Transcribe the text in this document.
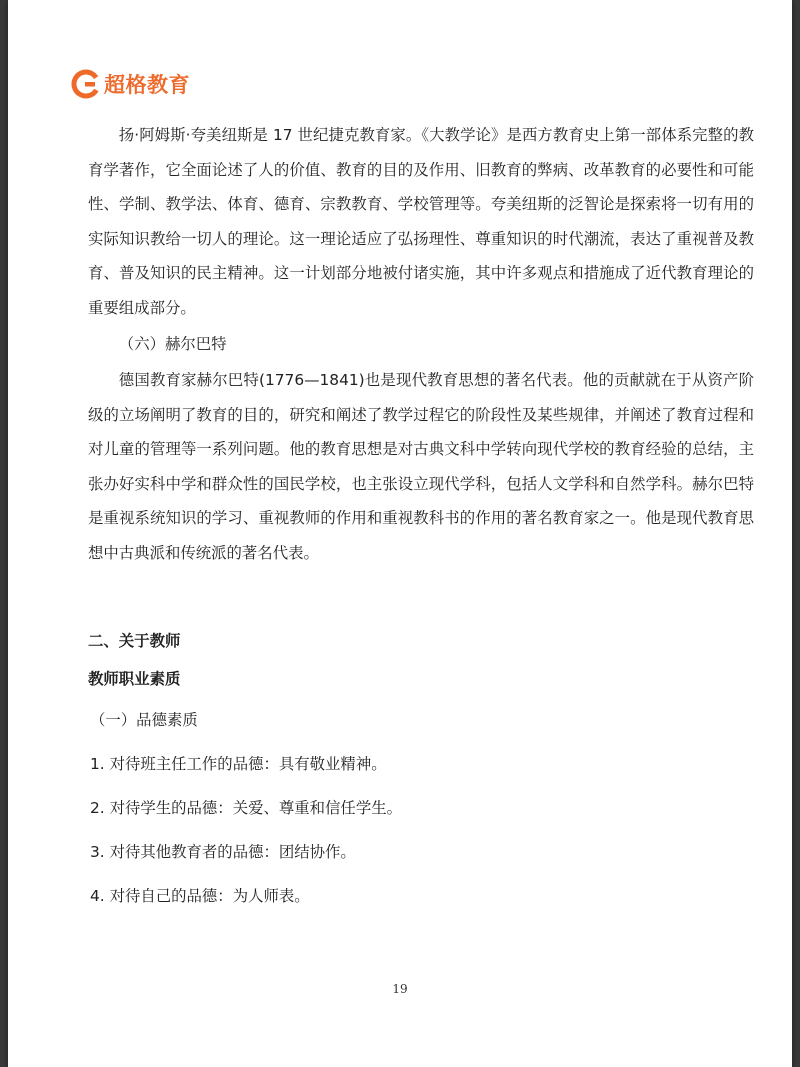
超格教育

扬·阿姆斯·夸美纽斯是 17 世纪捷克教育家。《大教学论》是西方教育史上第一部体系完整的教育学著作，它全面论述了人的价值、教育的目的及作用、旧教育的弊病、改革教育的必要性和可能性、学制、教学法、体育、德育、宗教教育、学校管理等。夸美纽斯的泛智论是探索将一切有用的实际知识教给一切人的理论。这一理论适应了弘扬理性、尊重知识的时代潮流，表达了重视普及教育、普及知识的民主精神。这一计划部分地被付诸实施，其中许多观点和措施成了近代教育理论的重要组成部分。

（六）赫尔巴特

德国教育家赫尔巴特(1776—1841)也是现代教育思想的著名代表。他的贡献就在于从资产阶级的立场阐明了教育的目的，研究和阐述了教学过程它的阶段性及某些规律，并阐述了教育过程和对儿童的管理等一系列问题。他的教育思想是对古典文科中学转向现代学校的教育经验的总结，主张办好实科中学和群众性的国民学校，也主张设立现代学科，包括人文学科和自然学科。赫尔巴特是重视系统知识的学习、重视教师的作用和重视教科书的作用的著名教育家之一。他是现代教育思想中古典派和传统派的著名代表。

二、关于教师

教师职业素质

（一）品德素质

1. 对待班主任工作的品德：具有敬业精神。

2. 对待学生的品德：关爱、尊重和信任学生。

3. 对待其他教育者的品德：团结协作。

4. 对待自己的品德：为人师表。

19
